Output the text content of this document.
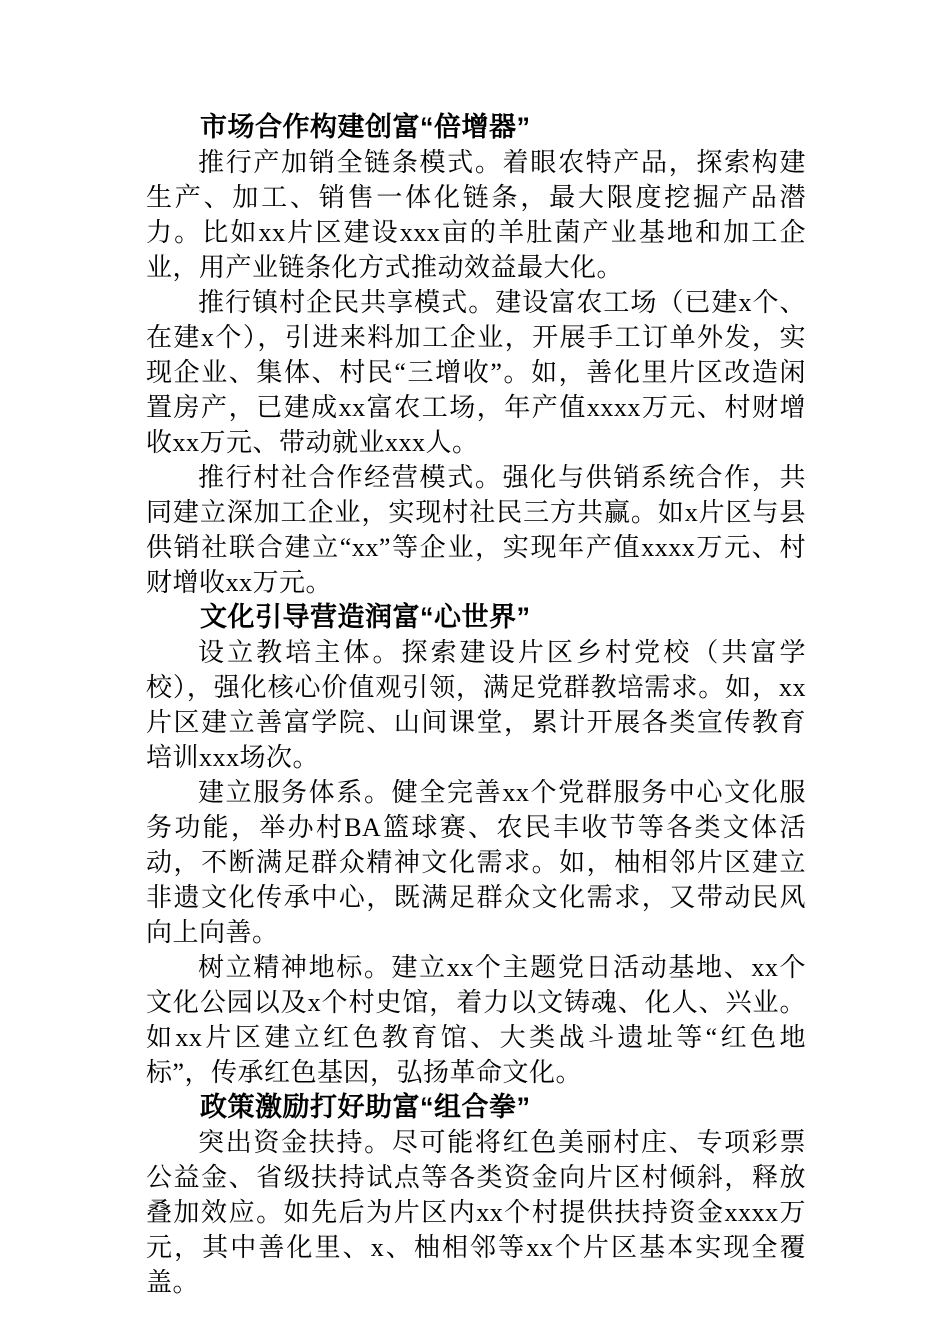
市场合作构建创富“倍增器”

推行产加销全链条模式。着眼农特产品，探索构建生产、加工、销售一体化链条，最大限度挖掘产品潜力。比如xx片区建设xxx亩的羊肚菌产业基地和加工企业，用产业链条化方式推动效益最大化。

推行镇村企民共享模式。建设富农工场（已建x个、在建x个），引进来料加工企业，开展手工订单外发，实现企业、集体、村民“三增收”。如，善化里片区改造闲置房产，已建成xx富农工场，年产值xxxx万元、村财增收xx万元、带动就业xxx人。

推行村社合作经营模式。强化与供销系统合作，共同建立深加工企业，实现村社民三方共赢。如x片区与县供销社联合建立“xx”等企业，实现年产值xxxx万元、村财增收xx万元。

文化引导营造润富“心世界”

设立教培主体。探索建设片区乡村党校（共富学校），强化核心价值观引领，满足党群教培需求。如，xx片区建立善富学院、山间课堂，累计开展各类宣传教育培训xxx场次。

建立服务体系。健全完善xx个党群服务中心文化服务功能，举办村BA篮球赛、农民丰收节等各类文体活动，不断满足群众精神文化需求。如，柚相邻片区建立非遗文化传承中心，既满足群众文化需求，又带动民风向上向善。

树立精神地标。建立xx个主题党日活动基地、xx个文化公园以及x个村史馆，着力以文铸魂、化人、兴业。如xx片区建立红色教育馆、大类战斗遗址等“红色地标”，传承红色基因，弘扬革命文化。

政策激励打好助富“组合拳”

突出资金扶持。尽可能将红色美丽村庄、专项彩票公益金、省级扶持试点等各类资金向片区村倾斜，释放叠加效应。如先后为片区内xx个村提供扶持资金xxxx万元，其中善化里、x、柚相邻等xx个片区基本实现全覆盖。
